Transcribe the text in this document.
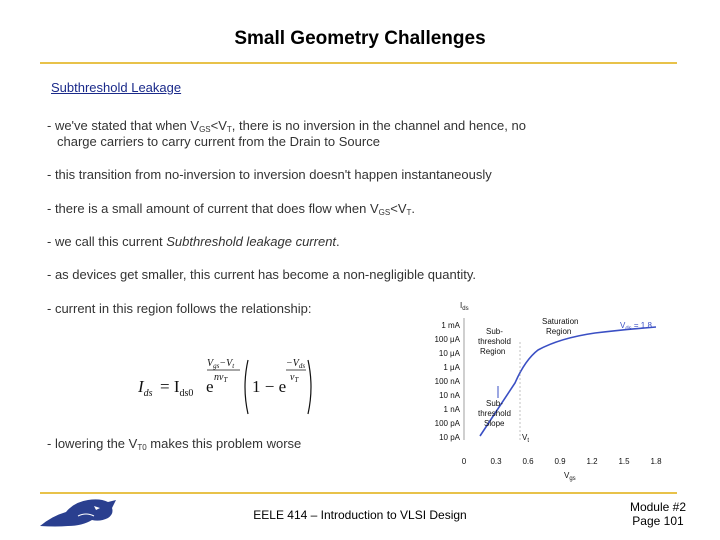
Small Geometry Challenges
Subthreshold Leakage
- we've stated that when $V_{GS}<V_T$, there is no inversion in the channel and hence, no
charge carriers to carry current from the Drain to Source
- this transition from no-inversion to inversion doesn't happen instantaneously
- there is a small amount of current that does flow when $V_{GS}<V_T$.
- we call this current Subthreshold leakage current.
- as devices get smaller, this current has become a non-negligible quantity.
- current in this region follows the relationship:
- lowering the $V_{T0}$ makes this problem worse
$I_{ds} = I_{ds0}$ e
$V_{gs}-V_t$
$nv_T$ 1 − e
$-V_{ds}$
$v_T$
$I_{ds}$
1 mA
100 μA
10 μA
1 μA
100 nA
10 nA
1 nA
100 pA
10 pA
0	0.3	0.6	0.9	1.2	1.5	1.8
$V_{gs}$
Saturation
Region
$V_{ds} = 1.8$
Sub-
threshold
Region
Sub-
threshold
Slope
$V_t$
EELE 414 – Introduction to VLSI Design
Module #2
Page 101
